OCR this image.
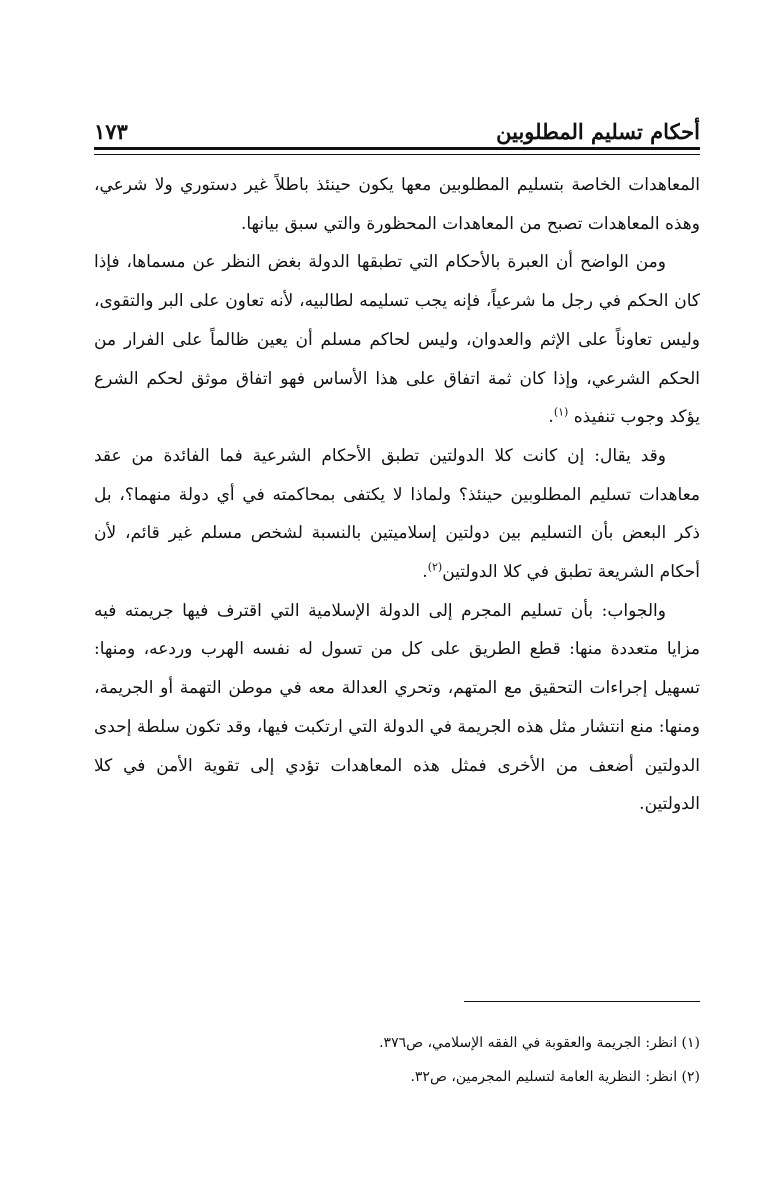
أحكام تسليم المطلوبين
١٧٣

المعاهدات الخاصة بتسليم المطلوبين معها يكون حينئذ باطلاً غير دستوري ولا شرعي، وهذه المعاهدات تصبح من المعاهدات المحظورة والتي سبق بيانها.

ومن الواضح أن العبرة بالأحكام التي تطبقها الدولة بغض النظر عن مسماها، فإذا كان الحكم في رجل ما شرعياً، فإنه يجب تسليمه لطالبيه، لأنه تعاون على البر والتقوى، وليس تعاوناً على الإثم والعدوان، وليس لحاكم مسلم أن يعين ظالماً على الفرار من الحكم الشرعي، وإذا كان ثمة اتفاق على هذا الأساس فهو اتفاق موثق لحكم الشرع يؤكد وجوب تنفيذه $^{(١)}$.

وقد يقال: إن كانت كلا الدولتين تطبق الأحكام الشرعية فما الفائدة من عقد معاهدات تسليم المطلوبين حينئذ؟ ولماذا لا يكتفى بمحاكمته في أي دولة منهما؟، بل ذكر البعض بأن التسليم بين دولتين إسلاميتين بالنسبة لشخص مسلم غير قائم، لأن أحكام الشريعة تطبق في كلا الدولتين$^{(٢)}$.

والجواب: بأن تسليم المجرم إلى الدولة الإسلامية التي اقترف فيها جريمته فيه مزايا متعددة منها: قطع الطريق على كل من تسول له نفسه الهرب وردعه، ومنها: تسهيل إجراءات التحقيق مع المتهم، وتحري العدالة معه في موطن التهمة أو الجريمة، ومنها: منع انتشار مثل هذه الجريمة في الدولة التي ارتكبت فيها، وقد تكون سلطة إحدى الدولتين أضعف من الأخرى فمثل هذه المعاهدات تؤدي إلى تقوية الأمن في كلا الدولتين.

(١) انظر: الجريمة والعقوبة في الفقه الإسلامي، ص٣٧٦.

(٢) انظر: النظرية العامة لتسليم المجرمين، ص٣٢.
